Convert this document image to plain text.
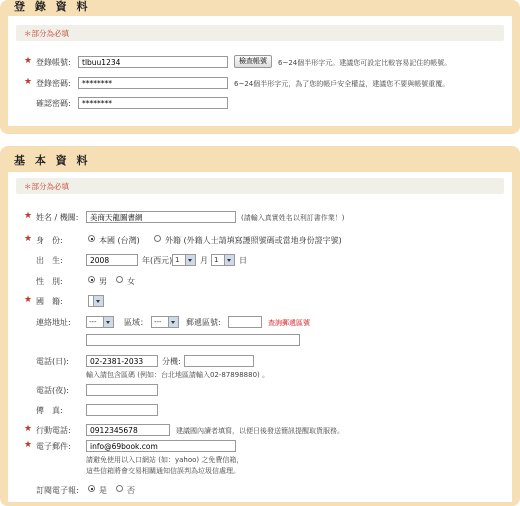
登 錄 資 料
＊部分為必填
★ 登錄帳號:	tlbuu1234	檢查帳號	6~24個半形字元。建議您可設定比較容易記住的帳號。
★ 登錄密碼:	********	6~24個半形字元，為了您的帳戶安全權益，建議您不要與帳號重覆。
確認密碼:	********
基 本 資 料
＊部分為必填
★ 姓名 / 機關:	美商天龍圖書網	(請輸入真實姓名以利訂書作業！)
★ 身　份:	本國 (台灣)	外籍 (外籍人士請填寫護照號碼或當地身份證字號)
出　生:	2008	年(西元) 1	月 1	日
性　別:	男	女
★ 國　籍:
連絡地址:	---	區域： ---	郵遞區號:	查詢郵遞區號
電話(日):	02-2381-2033	分機:
輸入請包含區碼 (例如：台北地區請輸入02-87898880) 。
電話(夜):
傳　真:
★ 行動電話:	0912345678	建議國內讀者填寫，以便日後發送簡訊提醒取貨服務。
★ 電子郵件:	info@69book.com
請避免使用以入口網站 (如：yahoo) 之免費信箱，
這些信箱將會交易相關通知信誤判為垃圾信處理。
訂閱電子報:	是	否
